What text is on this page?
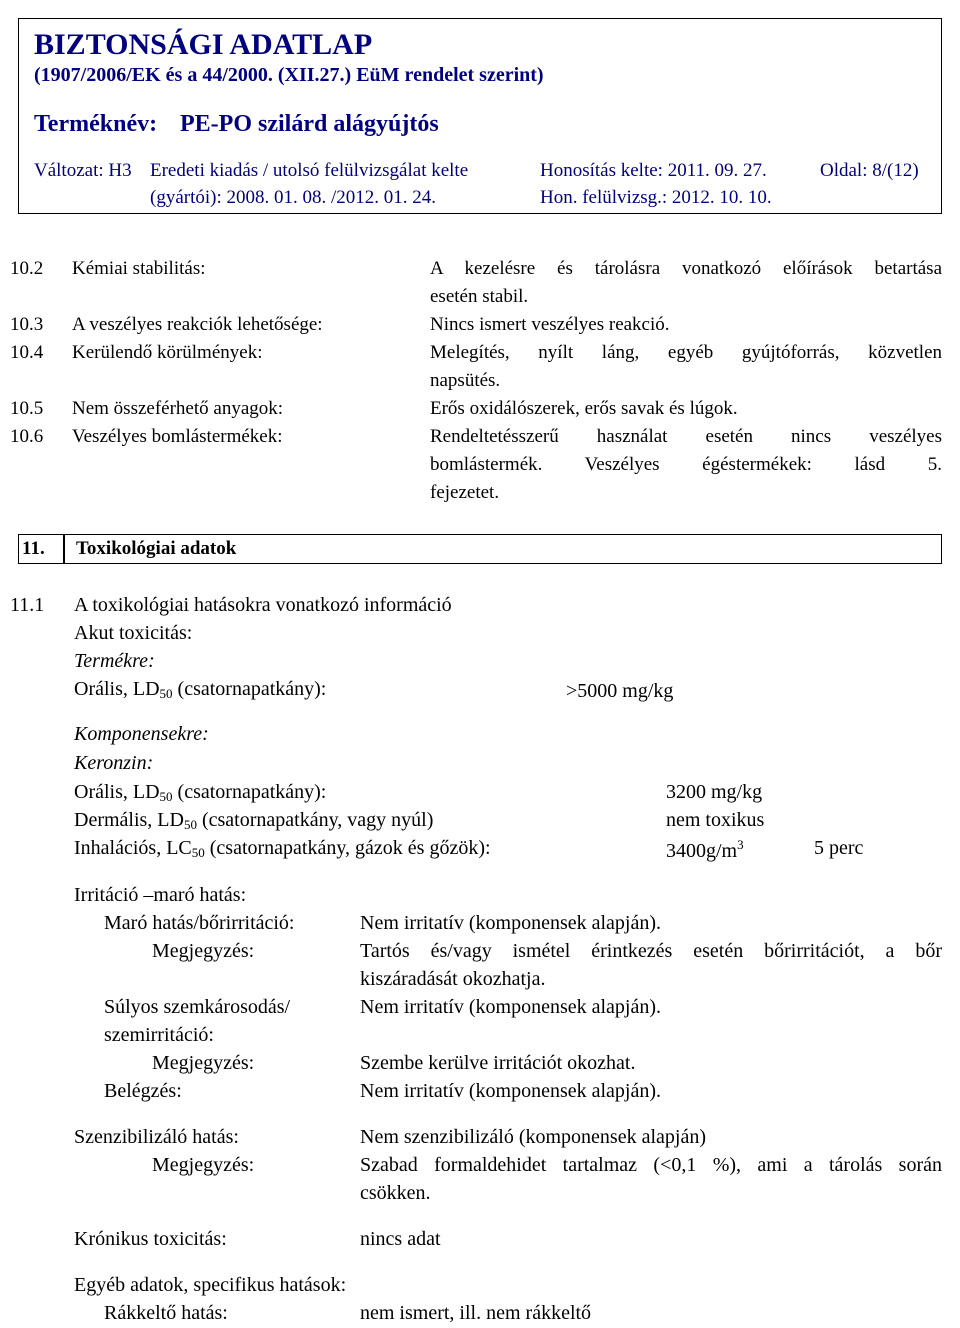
BIZTONSÁGI ADATLAP
(1907/2006/EK és a 44/2000. (XII.27.) EüM rendelet szerint)
Terméknév: PE-PO szilárd alágyújtós
Változat: H3 Eredeti kiadás / utolsó felülvizsgálat kelte
(gyártói): 2008. 01. 08. /2012. 01. 24.
Honosítás kelte: 2011. 09. 27.
Hon. felülvizsg.: 2012. 10. 10.
Oldal: 8/(12)
10.2 Kémiai stabilitás:	A kezelésre és tárolásra vonatkozó előírások betartása
esetén stabil.
10.3 A veszélyes reakciók lehetősége:	Nincs ismert veszélyes reakció.
10.4 Kerülendő körülmények:	Melegítés, nyílt láng, egyéb gyújtóforrás, közvetlen
napsütés.
10.5 Nem összeférhető anyagok:	Erős oxidálószerek, erős savak és lúgok.
10.6 Veszélyes bomlástermékek:	Rendeltetésszerű használat esetén nincs veszélyes
bomlástermék. Veszélyes égéstermékek: lásd 5.
fejezetet.
11. Toxikológiai adatok
11.1 A toxikológiai hatásokra vonatkozó információ
Akut toxicitás:
Termékre:
Orális, $LD_{50}$ (csatornapatkány):	>5000 mg/kg
Komponensekre:
Keronzin:
Orális, $LD_{50}$ (csatornapatkány):	3200 mg/kg
Dermális, $LD_{50}$ (csatornapatkány, vagy nyúl)	nem toxikus
Inhalációs, $LC_{50}$ (csatornapatkány, gázok és gőzök):	$3400g/m^3$	5 perc
Irritáció –maró hatás:
Maró hatás/bőrirritáció:	Nem irritatív (komponensek alapján).
Megjegyzés:	Tartós és/vagy ismétel érintkezés esetén bőrirritációt, a bőr
kiszáradását okozhatja.
Súlyos szemkárosodás/	Nem irritatív (komponensek alapján).
szemirritáció:
Megjegyzés:	Szembe kerülve irritációt okozhat.
Belégzés:	Nem irritatív (komponensek alapján).
Szenzibilizáló hatás:	Nem szenzibilizáló (komponensek alapján)
Megjegyzés:	Szabad formaldehidet tartalmaz (<0,1 %), ami a tárolás során
csökken.
Krónikus toxicitás:	nincs adat
Egyéb adatok, specifikus hatások:
Rákkeltő hatás:	nem ismert, ill. nem rákkeltő
